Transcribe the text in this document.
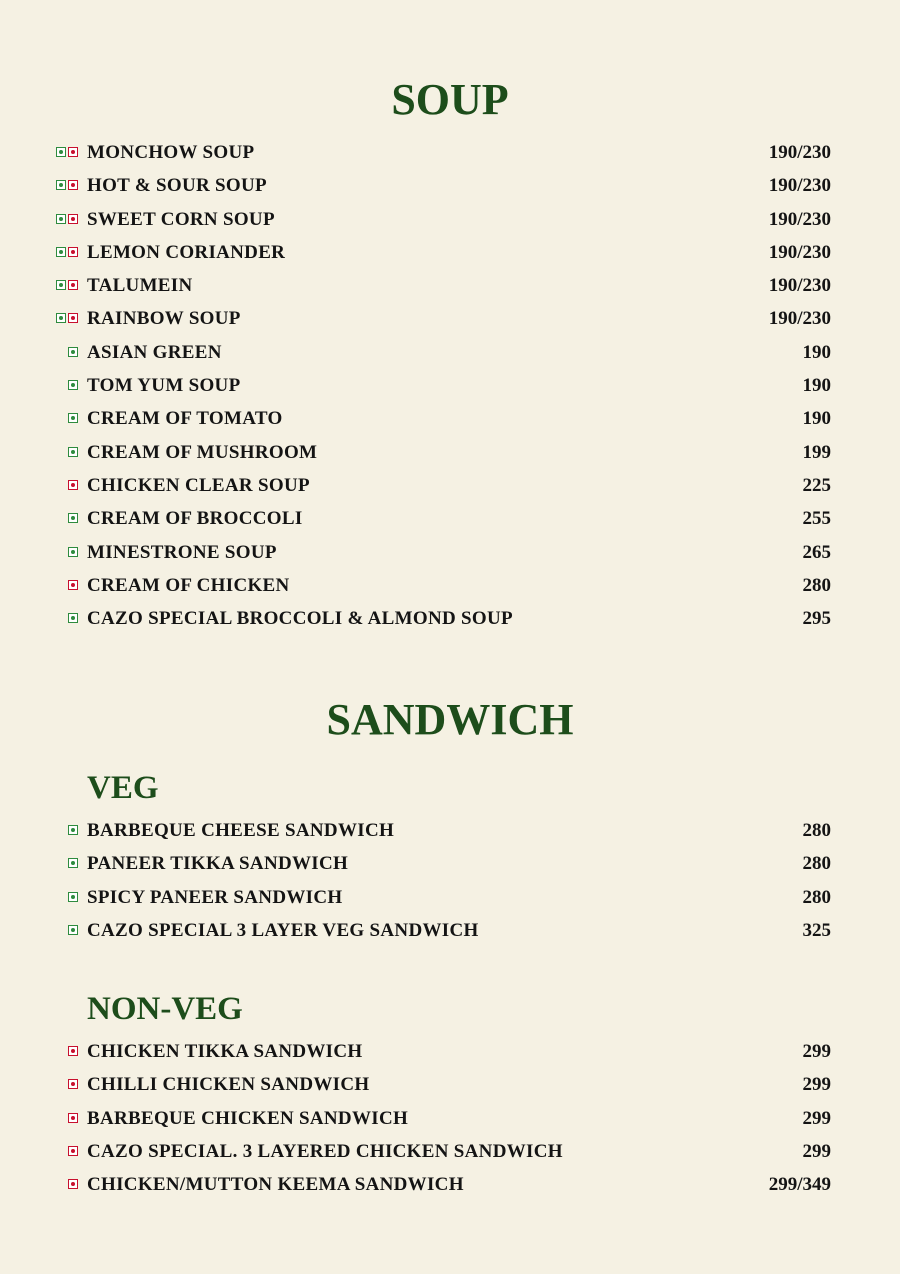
SOUP
MONCHOW SOUP	190/230
HOT & SOUR SOUP	190/230
SWEET CORN SOUP	190/230
LEMON CORIANDER	190/230
TALUMEIN	190/230
RAINBOW SOUP	190/230
ASIAN GREEN	190
TOM YUM SOUP	190
CREAM OF TOMATO	190
CREAM OF MUSHROOM	199
CHICKEN CLEAR SOUP	225
CREAM OF BROCCOLI	255
MINESTRONE SOUP	265
CREAM OF CHICKEN	280
CAZO SPECIAL BROCCOLI & ALMOND SOUP	295
SANDWICH
VEG
BARBEQUE CHEESE SANDWICH	280
PANEER TIKKA SANDWICH	280
SPICY PANEER SANDWICH	280
CAZO SPECIAL 3 LAYER VEG SANDWICH	325
NON-VEG
CHICKEN TIKKA SANDWICH	299
CHILLI CHICKEN SANDWICH	299
BARBEQUE CHICKEN SANDWICH	299
CAZO SPECIAL. 3 LAYERED CHICKEN SANDWICH	299
CHICKEN/MUTTON KEEMA SANDWICH	299/349
